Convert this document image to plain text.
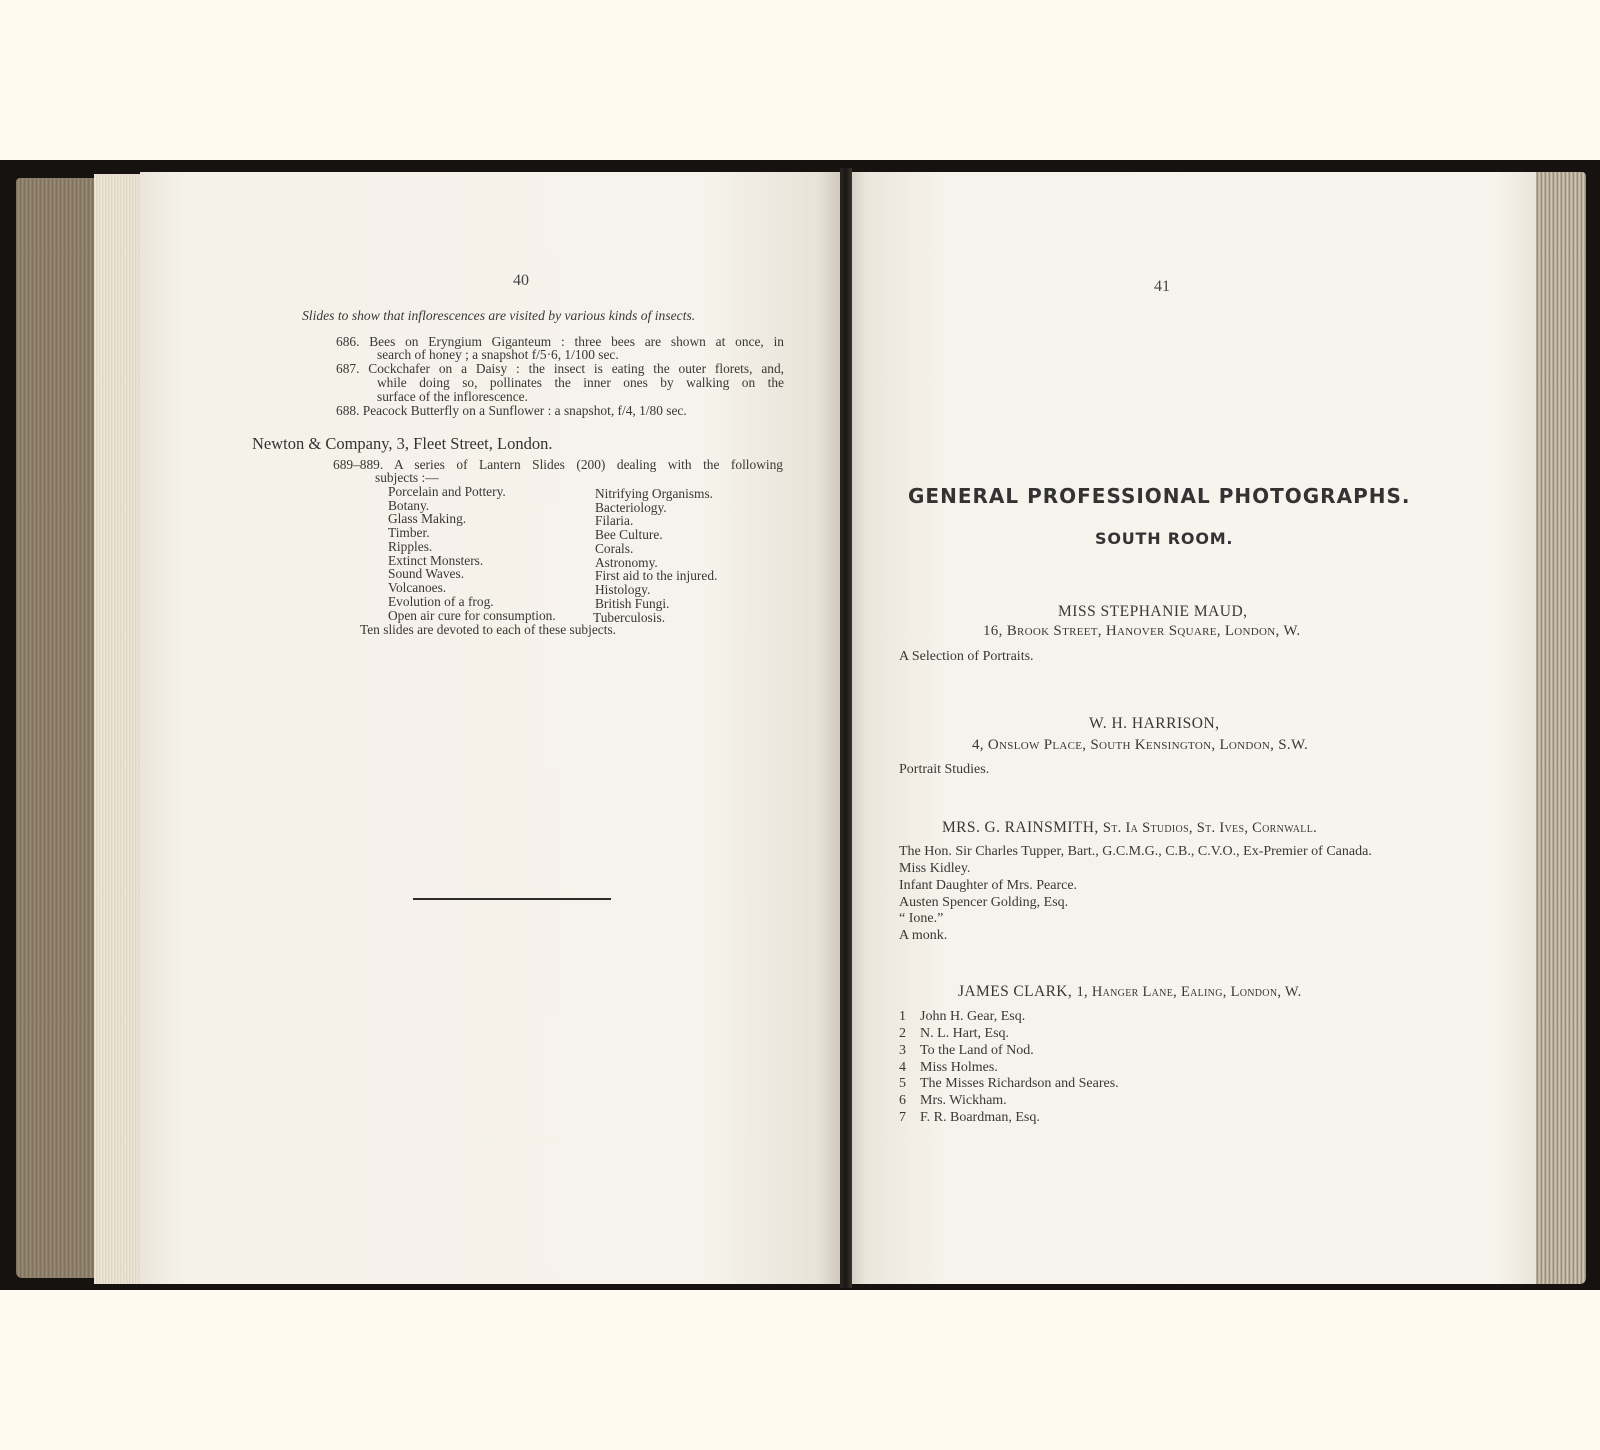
40
Slides to show that inflorescences are visited by various kinds of insects.
686. Bees on Eryngium Giganteum : three bees are shown at once, in
search of honey ; a snapshot f/5·6, 1/100 sec.
687. Cockchafer on a Daisy : the insect is eating the outer florets, and,
while doing so, pollinates the inner ones by walking on the
surface of the inflorescence.
688. Peacock Butterfly on a Sunflower : a snapshot, f/4, 1/80 sec.
Newton & Company, 3, Fleet Street, London.
689–889. A series of Lantern Slides (200) dealing with the following
subjects :—
Porcelain and Pottery.
Botany.
Glass Making.
Timber.
Ripples.
Extinct Monsters.
Sound Waves.
Volcanoes.
Evolution of a frog.
Open air cure for consumption.
Nitrifying Organisms.
Bacteriology.
Filaria.
Bee Culture.
Corals.
Astronomy.
First aid to the injured.
Histology.
British Fungi.
Tuberculosis.
Ten slides are devoted to each of these subjects.
41
GENERAL PROFESSIONAL PHOTOGRAPHS.
SOUTH ROOM.
MISS STEPHANIE MAUD,
16, Brook Street, Hanover Square, London, W.
A Selection of Portraits.
W. H. HARRISON,
4, Onslow Place, South Kensington, London, S.W.
Portrait Studies.
MRS. G. RAINSMITH, St. Ia Studios, St. Ives, Cornwall.
The Hon. Sir Charles Tupper, Bart., G.C.M.G., C.B., C.V.O., Ex-Premier of Canada.
Miss Kidley.
Infant Daughter of Mrs. Pearce.
Austen Spencer Golding, Esq.
“ Ione.”
A monk.
JAMES CLARK, 1, Hanger Lane, Ealing, London, W.
1 John H. Gear, Esq.
2 N. L. Hart, Esq.
3 To the Land of Nod.
4 Miss Holmes.
5 The Misses Richardson and Seares.
6 Mrs. Wickham.
7 F. R. Boardman, Esq.
